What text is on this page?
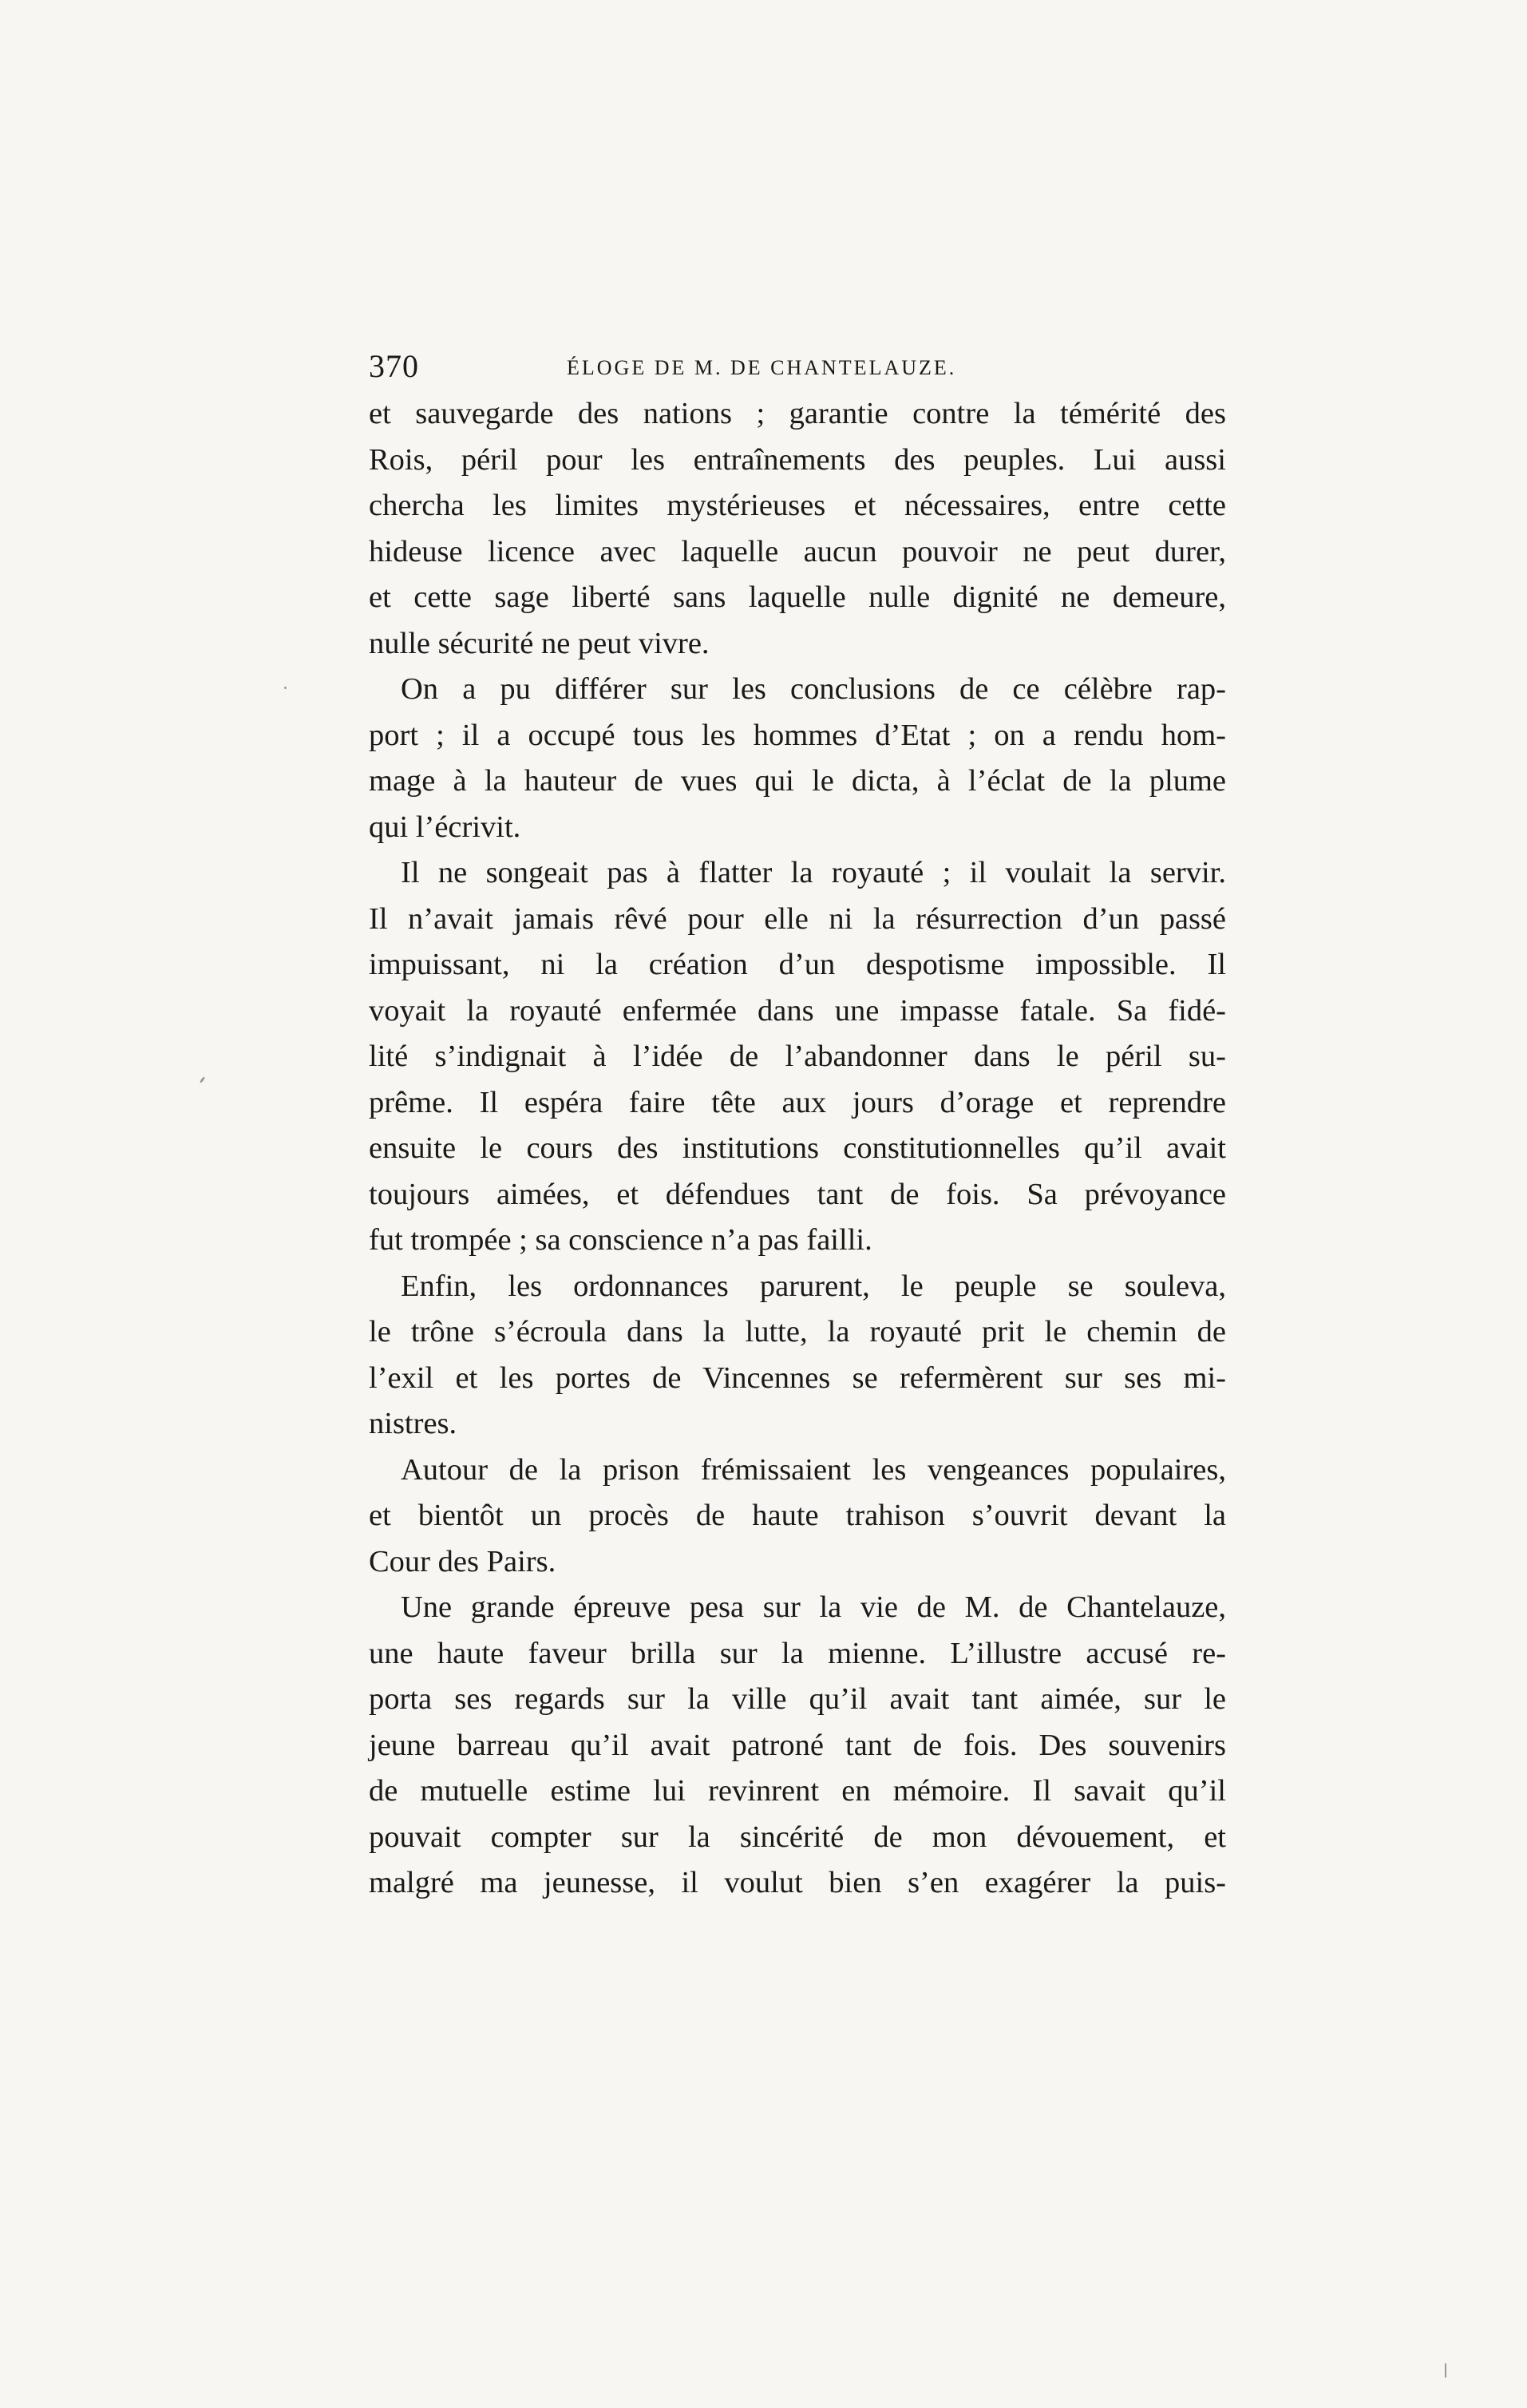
370	ÉLOGE DE M. DE CHANTELAUZE.
et sauvegarde des nations ; garantie contre la témérité des
Rois, péril pour les entraînements des peuples. Lui aussi
chercha les limites mystérieuses et nécessaires, entre cette
hideuse licence avec laquelle aucun pouvoir ne peut durer,
et cette sage liberté sans laquelle nulle dignité ne demeure,
nulle sécurité ne peut vivre.
On a pu différer sur les conclusions de ce célèbre rap-
port ; il a occupé tous les hommes d’Etat ; on a rendu hom-
mage à la hauteur de vues qui le dicta, à l’éclat de la plume
qui l’écrivit.
Il ne songeait pas à flatter la royauté ; il voulait la servir.
Il n’avait jamais rêvé pour elle ni la résurrection d’un passé
impuissant, ni la création d’un despotisme impossible. Il
voyait la royauté enfermée dans une impasse fatale. Sa fidé-
lité s’indignait à l’idée de l’abandonner dans le péril su-
prême. Il espéra faire tête aux jours d’orage et reprendre
ensuite le cours des institutions constitutionnelles qu’il avait
toujours aimées, et défendues tant de fois. Sa prévoyance
fut trompée ; sa conscience n’a pas failli.
Enfin, les ordonnances parurent, le peuple se souleva,
le trône s’écroula dans la lutte, la royauté prit le chemin de
l’exil et les portes de Vincennes se refermèrent sur ses mi-
nistres.
Autour de la prison frémissaient les vengeances populaires,
et bientôt un procès de haute trahison s’ouvrit devant la
Cour des Pairs.
Une grande épreuve pesa sur la vie de M. de Chantelauze,
une haute faveur brilla sur la mienne. L’illustre accusé re-
porta ses regards sur la ville qu’il avait tant aimée, sur le
jeune barreau qu’il avait patroné tant de fois. Des souvenirs
de mutuelle estime lui revinrent en mémoire. Il savait qu’il
pouvait compter sur la sincérité de mon dévouement, et
malgré ma jeunesse, il voulut bien s’en exagérer la puis-
